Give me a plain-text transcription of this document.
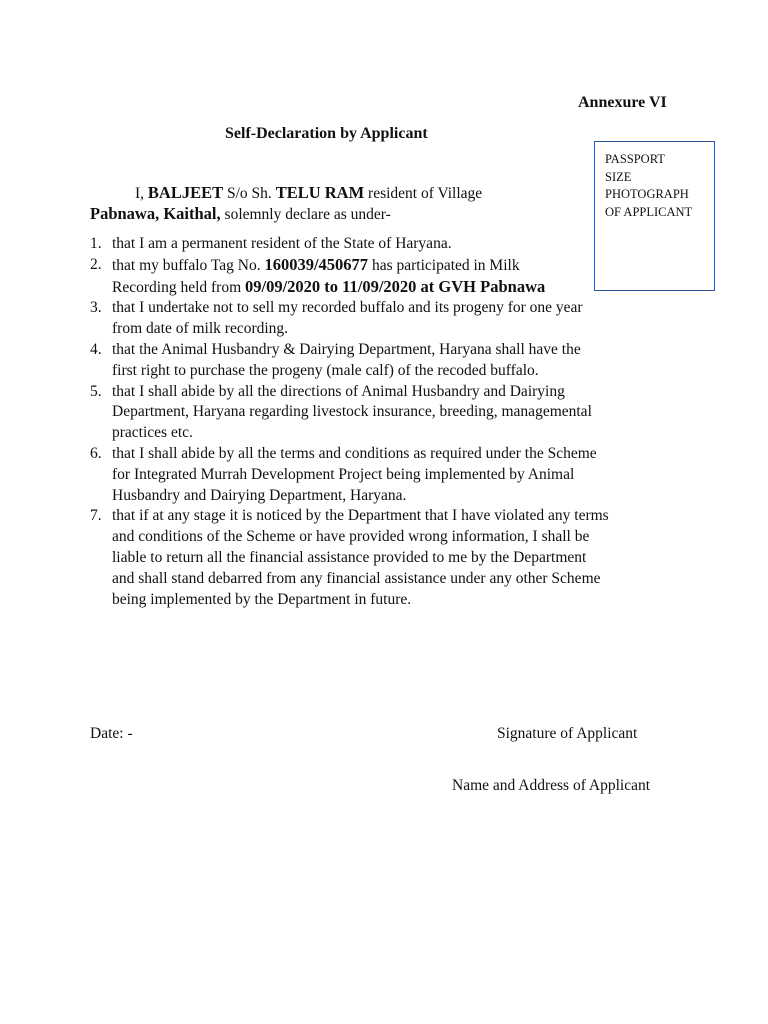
Annexure VI
Self-Declaration by Applicant
PASSPORT
SIZE
PHOTOGRAPH
OF APPLICANT
I, BALJEET S/o Sh. TELU RAM resident of Village
Pabnawa, Kaithal, solemnly declare as under-
1. that I am a permanent resident of the State of Haryana.
2. that my buffalo Tag No. 160039/450677 has participated in Milk
Recording held from 09/09/2020 to 11/09/2020 at GVH Pabnawa
3. that I undertake not to sell my recorded buffalo and its progeny for one year
from date of milk recording.
4. that the Animal Husbandry & Dairying Department, Haryana shall have the
first right to purchase the progeny (male calf) of the recoded buffalo.
5. that I shall abide by all the directions of Animal Husbandry and Dairying
Department, Haryana regarding livestock insurance, breeding, managemental
practices etc.
6. that I shall abide by all the terms and conditions as required under the Scheme
for Integrated Murrah Development Project being implemented by Animal
Husbandry and Dairying Department, Haryana.
7. that if at any stage it is noticed by the Department that I have violated any terms
and conditions of the Scheme or have provided wrong information, I shall be
liable to return all the financial assistance provided to me by the Department
and shall stand debarred from any financial assistance under any other Scheme
being implemented by the Department in future.
Date: -	Signature of Applicant
Name and Address of Applicant
